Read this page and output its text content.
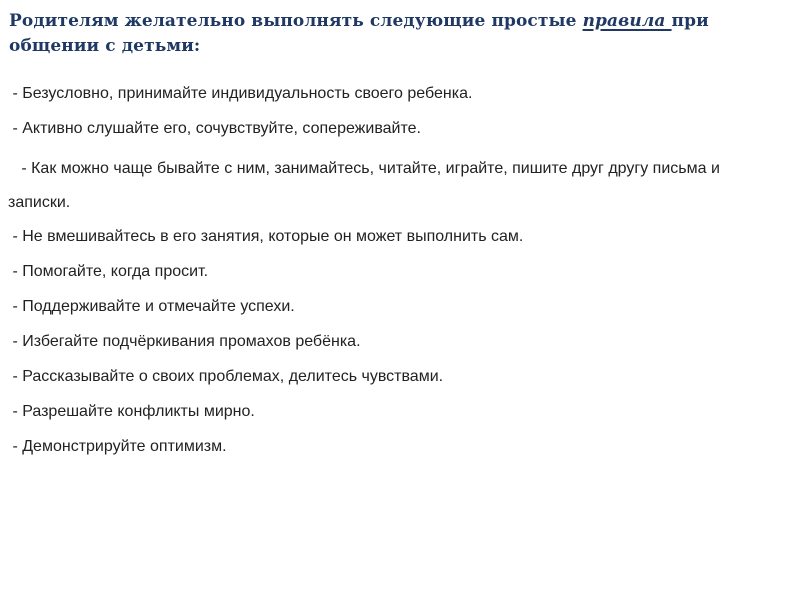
Родителям желательно выполнять следующие простые правила при общении с детьми:
- Безусловно, принимайте индивидуальность своего ребенка.
- Активно слушайте его, сочувствуйте, сопереживайте.
- Как можно чаще бывайте с ним, занимайтесь, читайте, играйте, пишите друг другу письма и записки.
- Не вмешивайтесь в его занятия, которые он может выполнить сам.
- Помогайте, когда просит.
- Поддерживайте и отмечайте успехи.
- Избегайте подчёркивания промахов ребёнка.
- Рассказывайте о своих проблемах, делитесь чувствами.
- Разрешайте конфликты мирно.
- Демонстрируйте оптимизм.
